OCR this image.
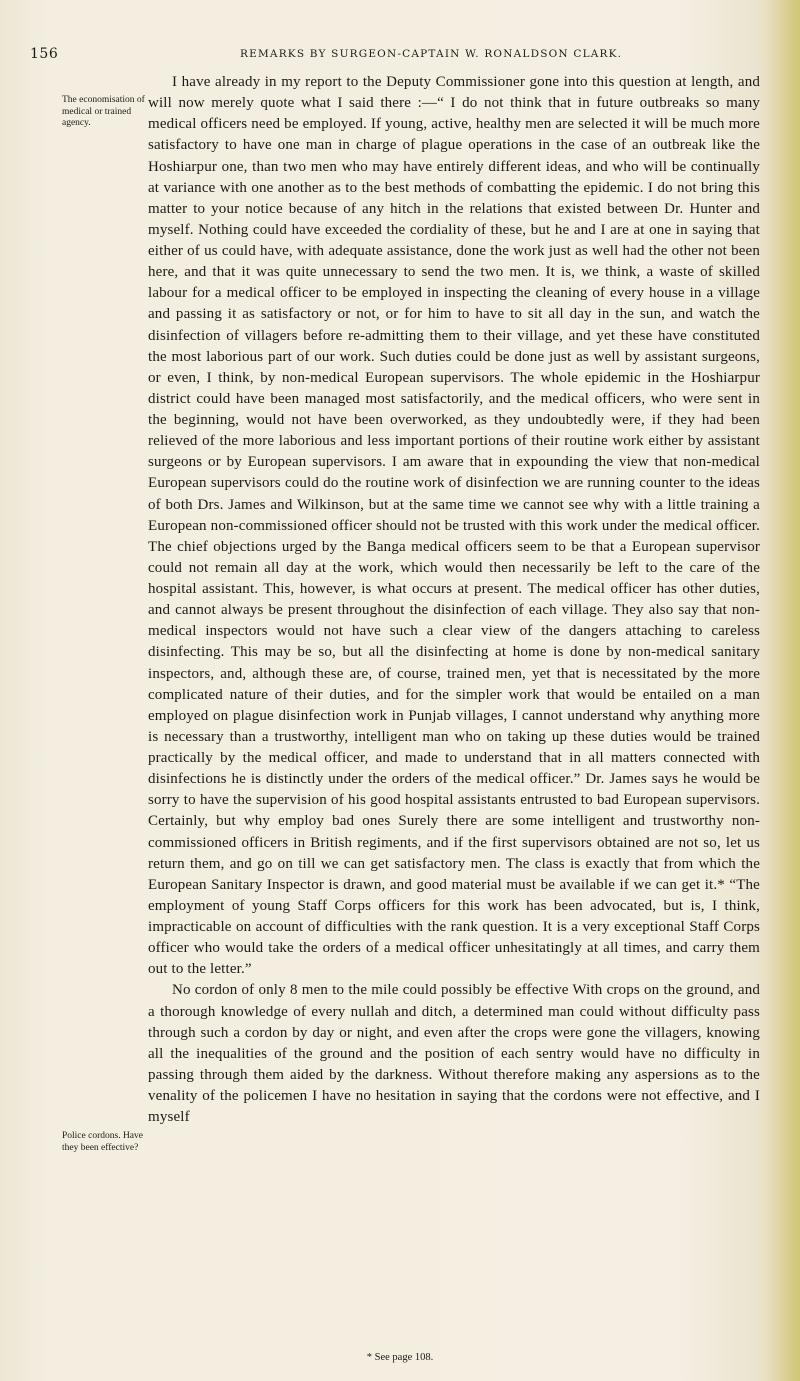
156	REMARKS BY SURGEON-CAPTAIN W. RONALDSON CLARK.
The economisation of medical or trained agency.
Police cordons. Have they been effective?

I have already in my report to the Deputy Commissioner gone into this question at length, and will now merely quote what I said there :—“ I do not think that in future outbreaks so many medical officers need be employed. If young, active, healthy men are selected it will be much more satisfactory to have one man in charge of plague operations in the case of an outbreak like the Hoshiarpur one, than two men who may have entirely different ideas, and who will be continually at variance with one another as to the best methods of combatting the epidemic. I do not bring this matter to your notice because of any hitch in the relations that existed between Dr. Hunter and myself. Nothing could have exceeded the cordiality of these, but he and I are at one in saying that either of us could have, with adequate assistance, done the work just as well had the other not been here, and that it was quite unnecessary to send the two men. It is, we think, a waste of skilled labour for a medical officer to be employed in inspecting the cleaning of every house in a village and passing it as satisfactory or not, or for him to have to sit all day in the sun, and watch the disinfection of villagers before re-admitting them to their village, and yet these have constituted the most laborious part of our work. Such duties could be done just as well by assistant surgeons, or even, I think, by non-medical European supervisors. The whole epidemic in the Hoshiarpur district could have been managed most satisfactorily, and the medical officers, who were sent in the beginning, would not have been overworked, as they undoubtedly were, if they had been relieved of the more laborious and less important portions of their routine work either by assistant surgeons or by European supervisors. I am aware that in expounding the view that non-medical European supervisors could do the routine work of disinfection we are running counter to the ideas of both Drs. James and Wilkinson, but at the same time we cannot see why with a little training a European non-commissioned officer should not be trusted with this work under the medical officer. The chief objections urged by the Banga medical officers seem to be that a European supervisor could not remain all day at the work, which would then necessarily be left to the care of the hospital assistant. This, however, is what occurs at present. The medical officer has other duties, and cannot always be present throughout the disinfection of each village. They also say that non-medical inspectors would not have such a clear view of the dangers attaching to careless disinfecting. This may be so, but all the disinfecting at home is done by non-medical sanitary inspectors, and, although these are, of course, trained men, yet that is necessitated by the more complicated nature of their duties, and for the simpler work that would be entailed on a man employed on plague disinfection work in Punjab villages, I cannot understand why anything more is necessary than a trustworthy, intelligent man who on taking up these duties would be trained practically by the medical officer, and made to understand that in all matters connected with disinfections he is distinctly under the orders of the medical officer.” Dr. James says he would be sorry to have the supervision of his good hospital assistants entrusted to bad European supervisors. Certainly, but why employ bad ones Surely there are some intelligent and trustworthy non-commissioned officers in British regiments, and if the first supervisors obtained are not so, let us return them, and go on till we can get satisfactory men. The class is exactly that from which the European Sanitary Inspector is drawn, and good material must be available if we can get it.* “The employment of young Staff Corps officers for this work has been advocated, but is, I think, impracticable on account of difficulties with the rank question. It is a very exceptional Staff Corps officer who would take the orders of a medical officer unhesitatingly at all times, and carry them out to the letter.”

No cordon of only 8 men to the mile could possibly be effective With crops on the ground, and a thorough knowledge of every nullah and ditch, a determined man could without difficulty pass through such a cordon by day or night, and even after the crops were gone the villagers, knowing all the inequalities of the ground and the position of each sentry would have no difficulty in passing through them aided by the darkness. Without therefore making any aspersions as to the venality of the policemen I have no hesitation in saying that the cordons were not effective, and I myself

* See page 108.
